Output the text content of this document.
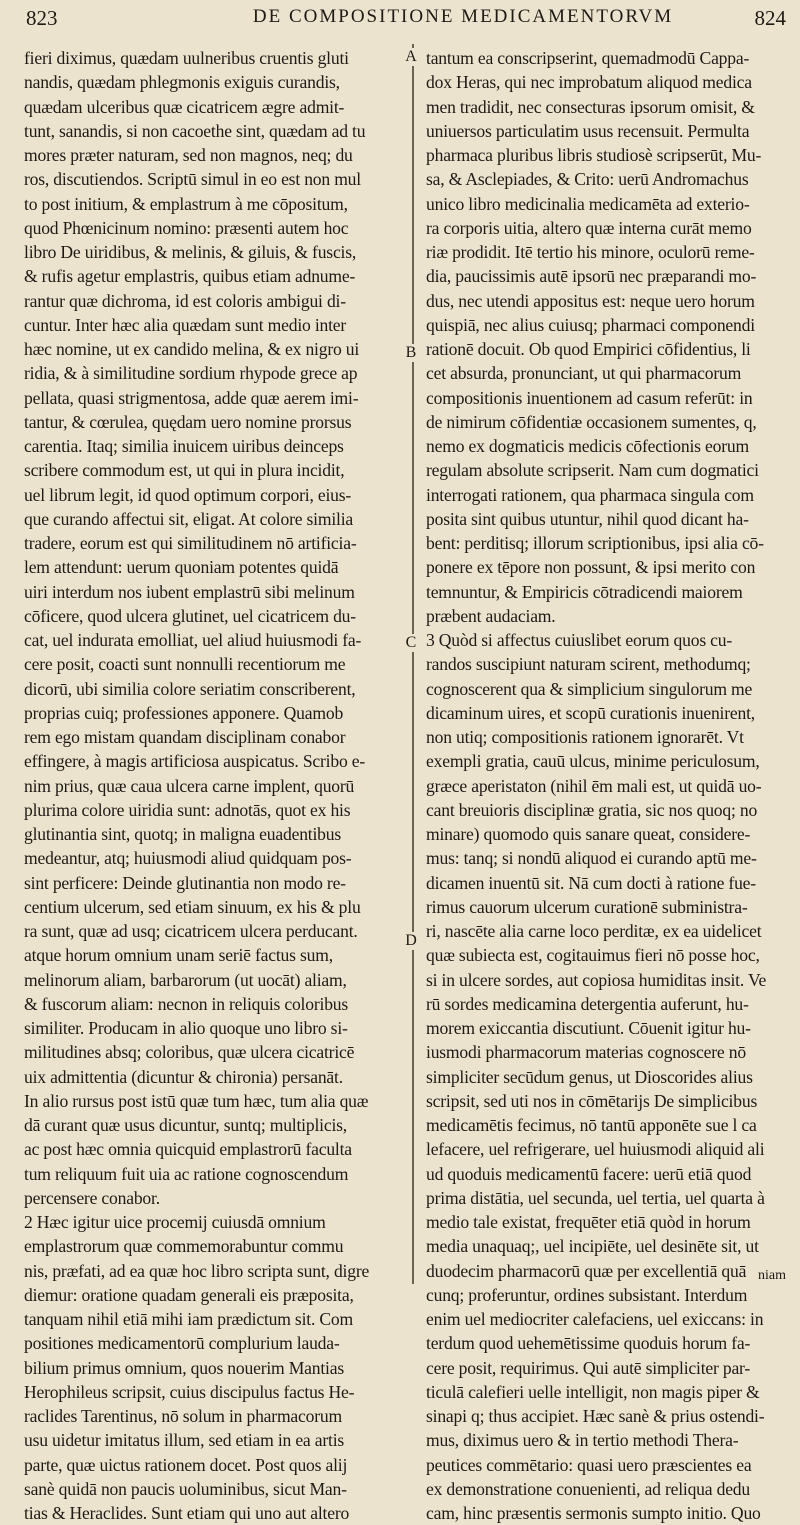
823	DE COMPOSITIONE MEDICAMENTORVM	824
fieri diximus, quædam uulneribus cruentis gluti
nandis, quædam phlegmonis exiguis curandis,
quædam ulceribus quæ cicatricem ægre admit-
tunt, sanandis, si non cacoethe sint, quædam ad tu
mores præter naturam, sed non magnos, neq; du
ros, discutiendos. Scriptū simul in eo est non mul
to post initium, & emplastrum à me cōpositum,
quod Phœnicinum nomino: præsenti autem hoc
libro De uiridibus, & melinis, & giluis, & fuscis,
& rufis agetur emplastris, quibus etiam adnume-
rantur quæ dichroma, id est coloris ambigui di-
cuntur. Inter hæc alia quædam sunt medio inter
hæc nomine, ut ex candido melina, & ex nigro ui
ridia, & à similitudine sordium rhypode grece ap
pellata, quasi strigmentosa, adde quæ aerem imi-
tantur, & cœrulea, quędam uero nomine prorsus
carentia. Itaq; similia inuicem uiribus deinceps
scribere commodum est, ut qui in plura incidit,
uel librum legit, id quod optimum corpori, eius-
que curando affectui sit, eligat. At colore similia
tradere, eorum est qui similitudinem nō artificia-
lem attendunt: uerum quoniam potentes quidā
uiri interdum nos iubent emplastrū sibi melinum
cōficere, quod ulcera glutinet, uel cicatricem du-
cat, uel indurata emolliat, uel aliud huiusmodi fa-
cere posit, coacti sunt nonnulli recentiorum me
dicorū, ubi similia colore seriatim conscriberent,
proprias cuiq; professiones apponere. Quamob
rem ego mistam quandam disciplinam conabor
effingere, à magis artificiosa auspicatus. Scribo e-
nim prius, quæ caua ulcera carne implent, quorū
plurima colore uiridia sunt: adnotās, quot ex his
glutinantia sint, quotq; in maligna euadentibus
medeantur, atq; huiusmodi aliud quidquam pos-
sint perficere: Deinde glutinantia non modo re-
centium ulcerum, sed etiam sinuum, ex his & plu
ra sunt, quæ ad usq; cicatricem ulcera perducant.
atque horum omnium unam seriē factus sum,
melinorum aliam, barbarorum (ut uocāt) aliam,
& fuscorum aliam: necnon in reliquis coloribus
similiter. Producam in alio quoque uno libro si-
militudines absq; coloribus, quæ ulcera cicatricē
uix admittentia (dicuntur & chironia) persanāt.
In alio rursus post istū quæ tum hæc, tum alia quæ
dā curant quæ usus dicuntur, suntq; multiplicis,
ac post hæc omnia quicquid emplastrorū faculta
tum reliquum fuit uia ac ratione cognoscendum
percensere conabor.
2 Hæc igitur uice procemij cuiusdā omnium
emplastrorum quæ commemorabuntur commu
nis, præfati, ad ea quæ hoc libro scripta sunt, digre
diemur: oratione quadam generali eis præposita,
tanquam nihil etiā mihi iam prædictum sit. Com
positiones medicamentorū complurium lauda-
bilium primus omnium, quos nouerim Mantias
Herophileus scripsit, cuius discipulus factus He-
raclides Tarentinus, nō solum in pharmacorum
usu uidetur imitatus illum, sed etiam in ea artis
parte, quæ uictus rationem docet. Post quos alij
sanè quidā non paucis uoluminibus, sicut Man-
tias & Heraclides. Sunt etiam qui uno aut altero
tantum ea conscripserint, quemadmodū Cappa-
dox Heras, qui nec improbatum aliquod medica
men tradidit, nec consecturas ipsorum omisit, &
uniuersos particulatim usus recensuit. Permulta
pharmaca pluribus libris studiosè scripserūt, Mu-
sa, & Asclepiades, & Crito: uerū Andromachus
unico libro medicinalia medicamēta ad exterio-
ra corporis uitia, altero quæ interna curāt memo
riæ prodidit. Itē tertio his minore, oculorū reme-
dia, paucissimis autē ipsorū nec præparandi mo-
dus, nec utendi appositus est: neque uero horum
quispiā, nec alius cuiusq; pharmaci componendi
rationē docuit. Ob quod Empirici cōfidentius, li
cet absurda, pronunciant, ut qui pharmacorum
compositionis inuentionem ad casum referūt: in
de nimirum cōfidentiæ occasionem sumentes, q,
nemo ex dogmaticis medicis cōfectionis eorum
regulam absolute scripserit. Nam cum dogmatici
interrogati rationem, qua pharmaca singula com
posita sint quibus utuntur, nihil quod dicant ha-
bent: perditisq; illorum scriptionibus, ipsi alia cō-
ponere ex tēpore non possunt, & ipsi merito con
temnuntur, & Empiricis cōtradicendi maiorem
præbent audaciam.
3 Quòd si affectus cuiuslibet eorum quos cu-
randos suscipiunt naturam scirent, methodumq;
cognoscerent qua & simplicium singulorum me
dicaminum uires, et scopū curationis inuenirent,
non utiq; compositionis rationem ignorarēt. Vt
exempli gratia, cauū ulcus, minime periculosum,
græce aperistaton (nihil ēm mali est, ut quidā uo-
cant breuioris disciplinæ gratia, sic nos quoq; no
minare) quomodo quis sanare queat, considere-
mus: tanq; si nondū aliquod ei curando aptū me-
dicamen inuentū sit. Nā cum docti à ratione fue-
rimus cauorum ulcerum curationē subministra-
ri, nascēte alia carne loco perditæ, ex ea uidelicet
quæ subiecta est, cogitauimus fieri nō posse hoc,
si in ulcere sordes, aut copiosa humiditas insit. Ve
rū sordes medicamina detergentia auferunt, hu-
morem exiccantia discutiunt. Cōuenit igitur hu-
iusmodi pharmacorum materias cognoscere nō
simpliciter secūdum genus, ut Dioscorides alius
scripsit, sed uti nos in cōmētarijs De simplicibus
medicamētis fecimus, nō tantū apponēte sue l ca
lefacere, uel refrigerare, uel huiusmodi aliquid ali
ud quoduis medicamentū facere: uerū etiā quod
prima distātia, uel secunda, uel tertia, uel quarta à
medio tale existat, frequēter etiā quòd in horum
media unaquaq;, uel incipiēte, uel desinēte sit, ut
duodecim pharmacorū quæ per excellentiā quā
cunq; proferuntur, ordines subsistant. Interdum
enim uel mediocriter calefaciens, uel exiccans: in
terdum quod uehemētissime quoduis horum fa-
cere posit, requirimus. Qui autē simpliciter par-
ticulā calefieri uelle intelligit, non magis piper &
sinapi q; thus accipiet. Hæc sanè & prius ostendi-
mus, diximus uero & in tertio methodi Thera-
peutices commētario: quasi uero præscientes ea
ex demonstratione conuenienti, ad reliqua dedu
cam, hinc præsentis sermonis sumpto initio. Quo
A
B
C
D
niam
